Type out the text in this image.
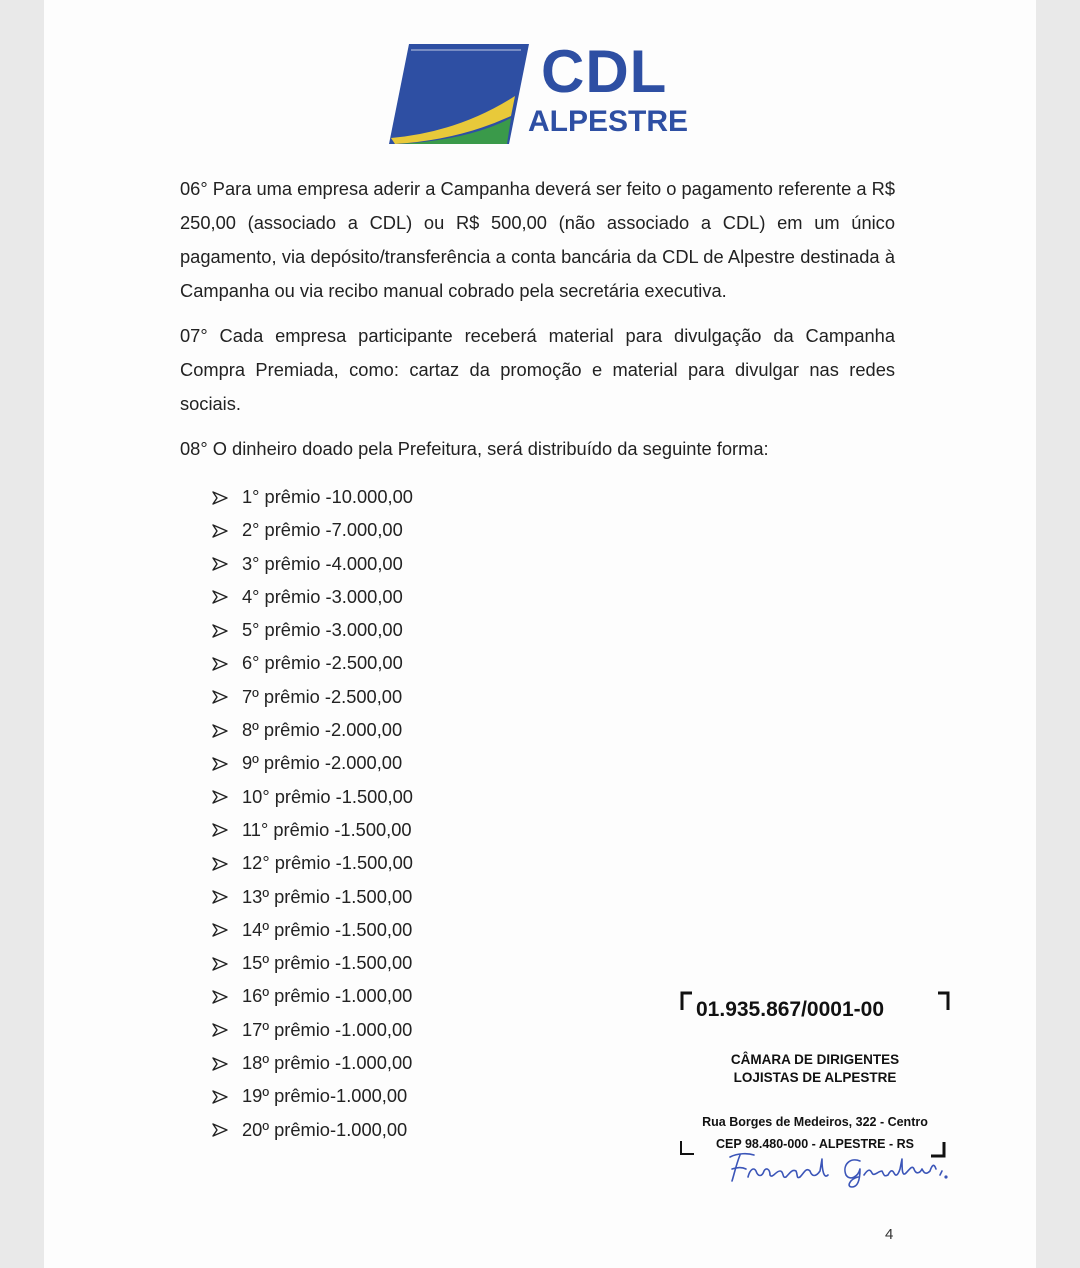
CDL
ALPESTRE

06° Para uma empresa aderir a Campanha deverá ser feito o pagamento referente a R$ 250,00 (associado a CDL) ou R$ 500,00 (não associado a CDL) em um único pagamento, via depósito/transferência a conta bancária da CDL de Alpestre destinada à Campanha ou via recibo manual cobrado pela secretária executiva.

07° Cada empresa participante receberá material para divulgação da Campanha Compra Premiada, como: cartaz da promoção e material para divulgar nas redes sociais.

08° O dinheiro doado pela Prefeitura, será distribuído da seguinte forma:

1° prêmio -10.000,00
2° prêmio -7.000,00
3° prêmio -4.000,00
4° prêmio -3.000,00
5° prêmio -3.000,00
6° prêmio -2.500,00
7º prêmio -2.500,00
8º prêmio -2.000,00
9º prêmio -2.000,00
10° prêmio -1.500,00
11° prêmio -1.500,00
12° prêmio -1.500,00
13º prêmio -1.500,00
14º prêmio -1.500,00
15º prêmio -1.500,00
16º prêmio -1.000,00
17º prêmio -1.000,00
18º prêmio -1.000,00
19º prêmio-1.000,00
20º prêmio-1.000,00
01.935.867/0001-00
CÂMARA DE DIRIGENTES
LOJISTAS DE ALPESTRE
Rua Borges de Medeiros, 322 - Centro
CEP 98.480-000 - ALPESTRE - RS
4
